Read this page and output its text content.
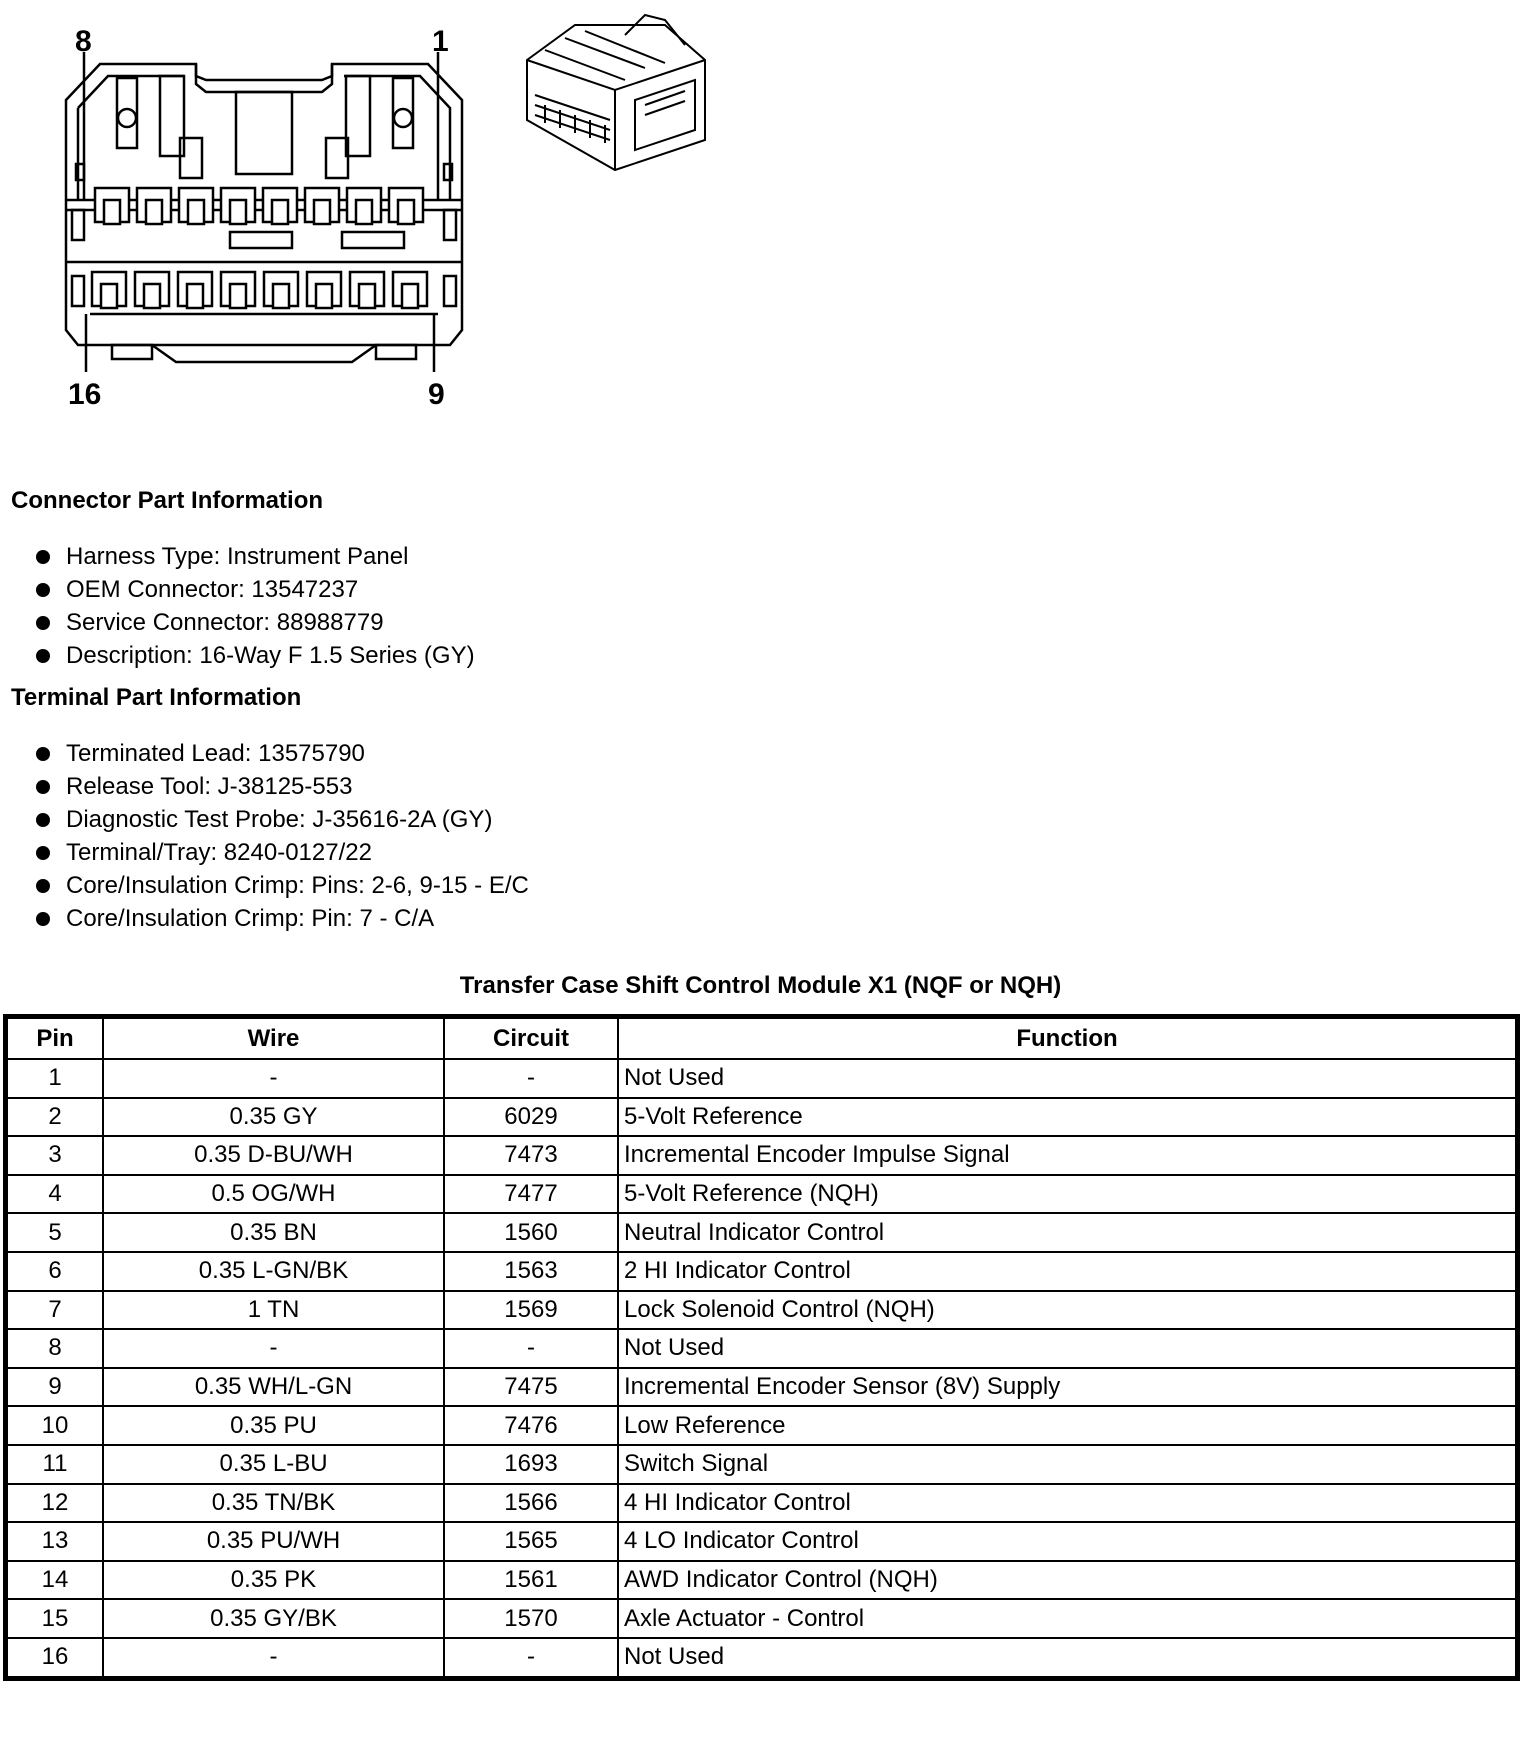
8	1
16	9
Connector Part Information
Harness Type: Instrument Panel
OEM Connector: 13547237
Service Connector: 88988779
Description: 16-Way F 1.5 Series (GY)
Terminal Part Information
Terminated Lead: 13575790
Release Tool: J-38125-553
Diagnostic Test Probe: J-35616-2A (GY)
Terminal/Tray: 8240-0127/22
Core/Insulation Crimp: Pins: 2-6, 9-15 - E/C
Core/Insulation Crimp: Pin: 7 - C/A
Transfer Case Shift Control Module X1 (NQF or NQH)
Pin	Wire	Circuit	Function
1	-	-	Not Used
2	0.35 GY	6029	5-Volt Reference
3	0.35 D-BU/WH	7473	Incremental Encoder Impulse Signal
4	0.5 OG/WH	7477	5-Volt Reference (NQH)
5	0.35 BN	1560	Neutral Indicator Control
6	0.35 L-GN/BK	1563	2 HI Indicator Control
7	1 TN	1569	Lock Solenoid Control (NQH)
8	-	-	Not Used
9	0.35 WH/L-GN	7475	Incremental Encoder Sensor (8V) Supply
10	0.35 PU	7476	Low Reference
11	0.35 L-BU	1693	Switch Signal
12	0.35 TN/BK	1566	4 HI Indicator Control
13	0.35 PU/WH	1565	4 LO Indicator Control
14	0.35 PK	1561	AWD Indicator Control (NQH)
15	0.35 GY/BK	1570	Axle Actuator - Control
16	-	-	Not Used
